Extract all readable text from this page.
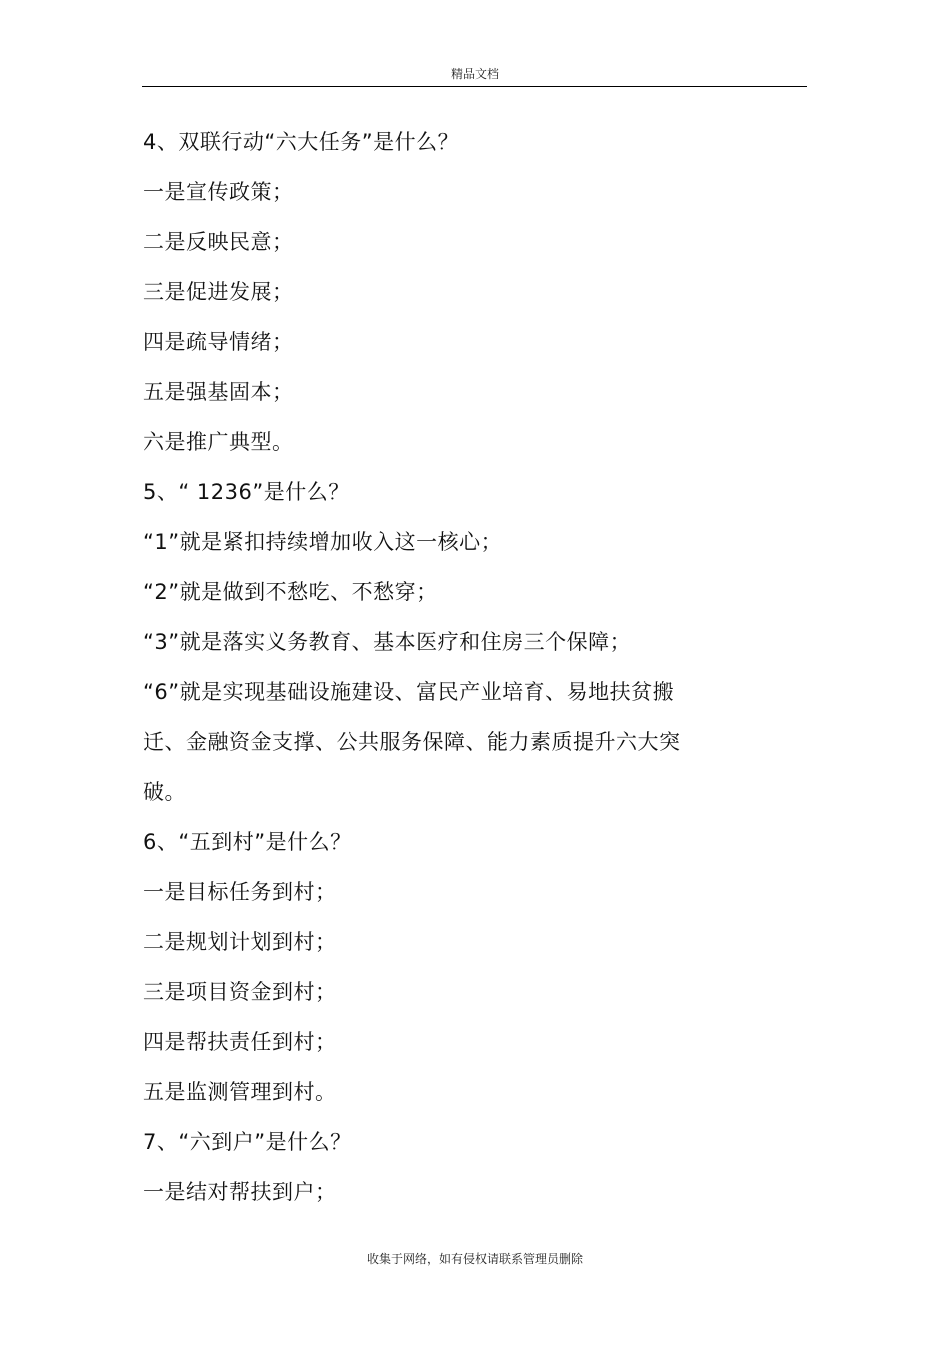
精品文档
4、双联行动“六大任务”是什么？
一是宣传政策；
二是反映民意；
三是促进发展；
四是疏导情绪；
五是强基固本；
六是推广典型。
5、“ 1236”是什么？
“1”就是紧扣持续增加收入这一核心；
“2”就是做到不愁吃、不愁穿；
“3”就是落实义务教育、基本医疗和住房三个保障；
“6”就是实现基础设施建设、富民产业培育、易地扶贫搬
迁、金融资金支撑、公共服务保障、能力素质提升六大突
破。
6、“五到村”是什么？
一是目标任务到村；
二是规划计划到村；
三是项目资金到村；
四是帮扶责任到村；
五是监测管理到村。
7、“六到户”是什么？
一是结对帮扶到户；
收集于网络，如有侵权请联系管理员删除
